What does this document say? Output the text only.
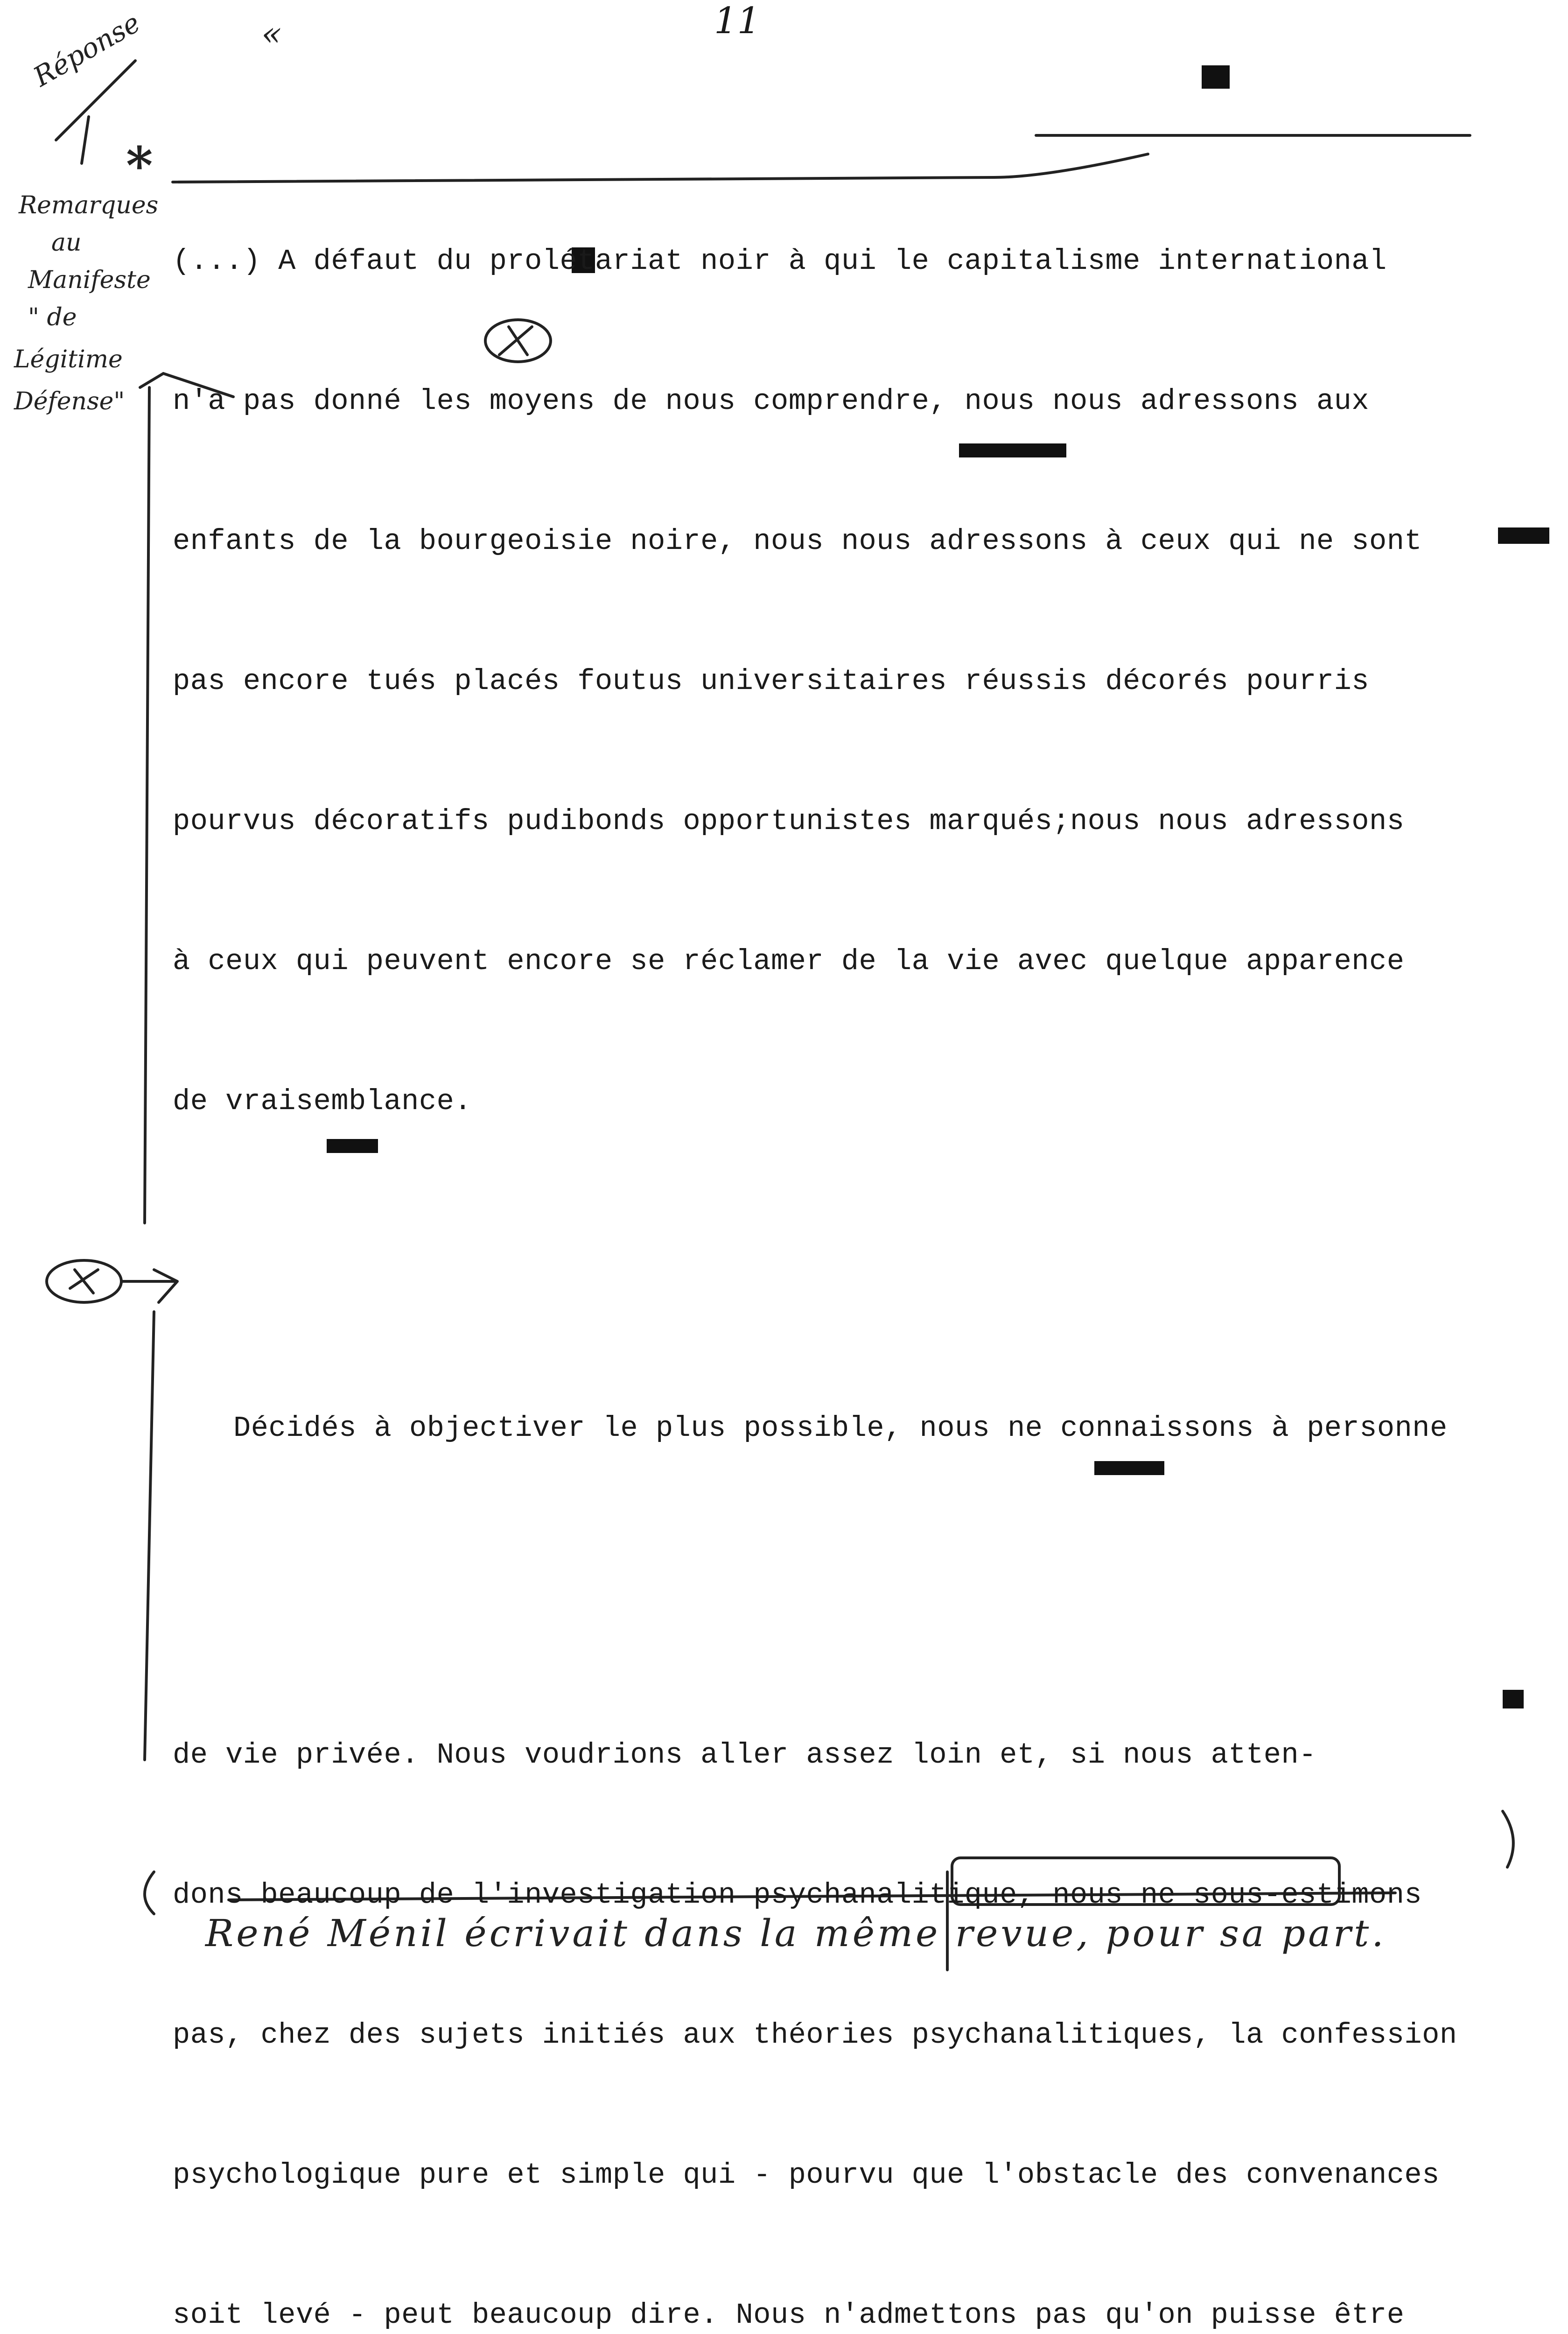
11
«
Réponse
*
Remarques
au
Manifeste
" de
Légitime
Défense"
René Ménil écrivait dans la même revue, pour sa part.

(...) A défaut du prolétariat noir à qui le capitalisme international

n'a pas donné les moyens de nous comprendre, nous nous adressons aux

enfants de la bourgeoisie noire, nous nous adressons à ceux qui ne sont

pas encore tués placés foutus universitaires réussis décorés pourris

pourvus décoratifs pudibonds opportunistes marqués;nous nous adressons

à ceux qui peuvent encore se réclamer de la vie avec quelque apparence

de vraisemblance.

Décidés à objectiver le plus possible, nous ne connaissons à personne

de vie privée. Nous voudrions aller assez loin et, si nous atten-

dons beaucoup de l'investigation psychanalitique, nous ne sous-estimons

pas, chez des sujets initiés aux théories psychanalitiques, la confession

psychologique pure et simple qui - pourvu que l'obstacle des convenances

soit levé - peut beaucoup dire. Nous n'admettons pas qu'on puisse être
